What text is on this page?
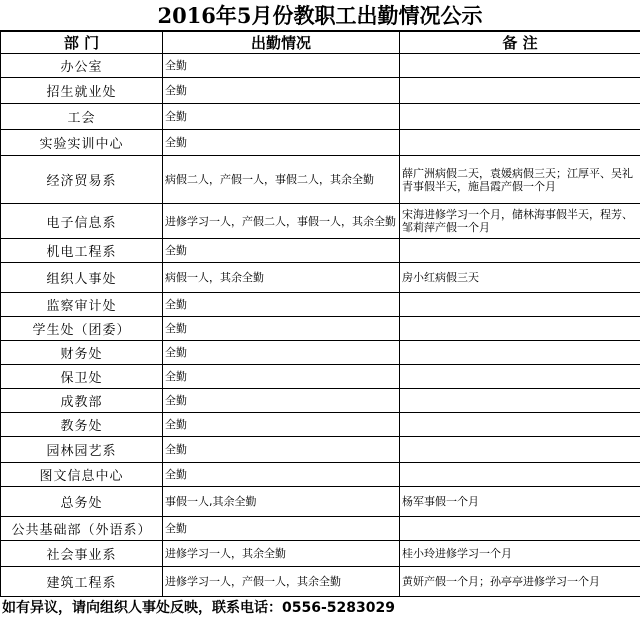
2016年5月份教职工出勤情况公示
部 门	出勤情况	备 注
办公室	全勤	
招生就业处	全勤	
工会	全勤	
实验实训中心	全勤	
经济贸易系	病假二人，产假一人，事假二人，其余全勤	薛广洲病假二天，袁媛病假三天；江厚平、吴礼青事假半天，施昌霞产假一个月
电子信息系	进修学习一人，产假二人，事假一人，其余全勤	宋海进修学习一个月，储林海事假半天，程芳、邹莉萍产假一个月
机电工程系	全勤	
组织人事处	病假一人，其余全勤	房小红病假三天
监察审计处	全勤	
学生处（团委）	全勤	
财务处	全勤	
保卫处	全勤	
成教部	全勤	
教务处	全勤	
园林园艺系	全勤	
图文信息中心	全勤	
总务处	事假一人,其余全勤	杨军事假一个月
公共基础部（外语系）	全勤	
社会事业系	进修学习一人，其余全勤	桂小玲进修学习一个月
建筑工程系	进修学习一人，产假一人，其余全勤	黄妍产假一个月；孙亭亭进修学习一个月
如有异议，请向组织人事处反映，联系电话：0556-5283029
